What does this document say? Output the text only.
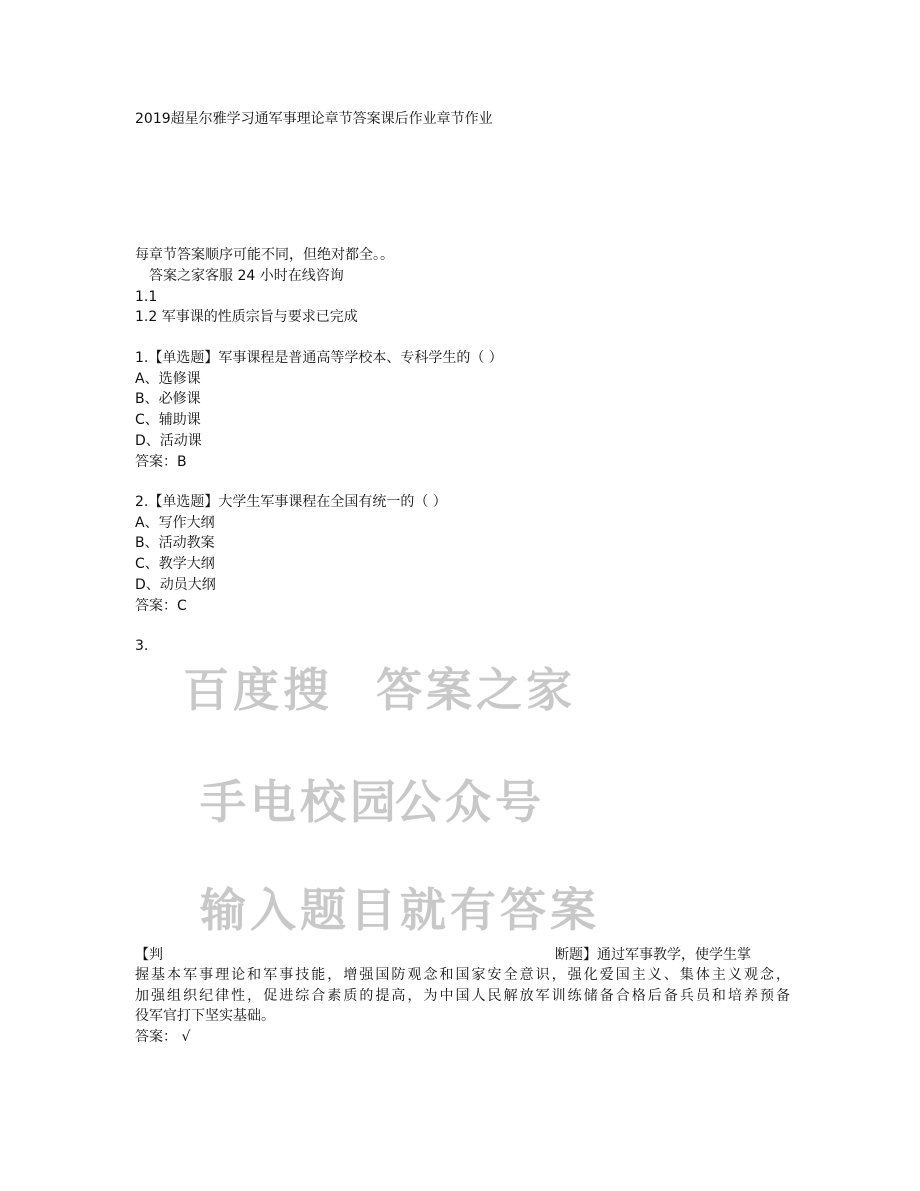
2019超星尔雅学习通军事理论章节答案课后作业章节作业
每章节答案顺序可能不同，但绝对都全。。
答案之家客服 24 小时在线咨询
1.1
1.2 军事课的性质宗旨与要求已完成
1.【单选题】军事课程是普通高等学校本、专科学生的（ ）
A、选修课
B、必修课
C、辅助课
D、活动课
答案：B
2.【单选题】大学生军事课程在全国有统一的（ ）
A、写作大纲
B、活动教案
C、教学大纲
D、动员大纲
答案：C
3.
百度搜 答案之家
手电校园
公众号
输入题目就有答案
【判	断题】通过军事教学，使学生掌
握基本军事理论和军事技能，增强国防观念和国家安全意识，强化爱国主义、集体主义观念，
加强组织纪律性，促进综合素质的提高，为中国人民解放军训练储备合格后备兵员和培养预备
役军官打下坚实基础。
答案： √
